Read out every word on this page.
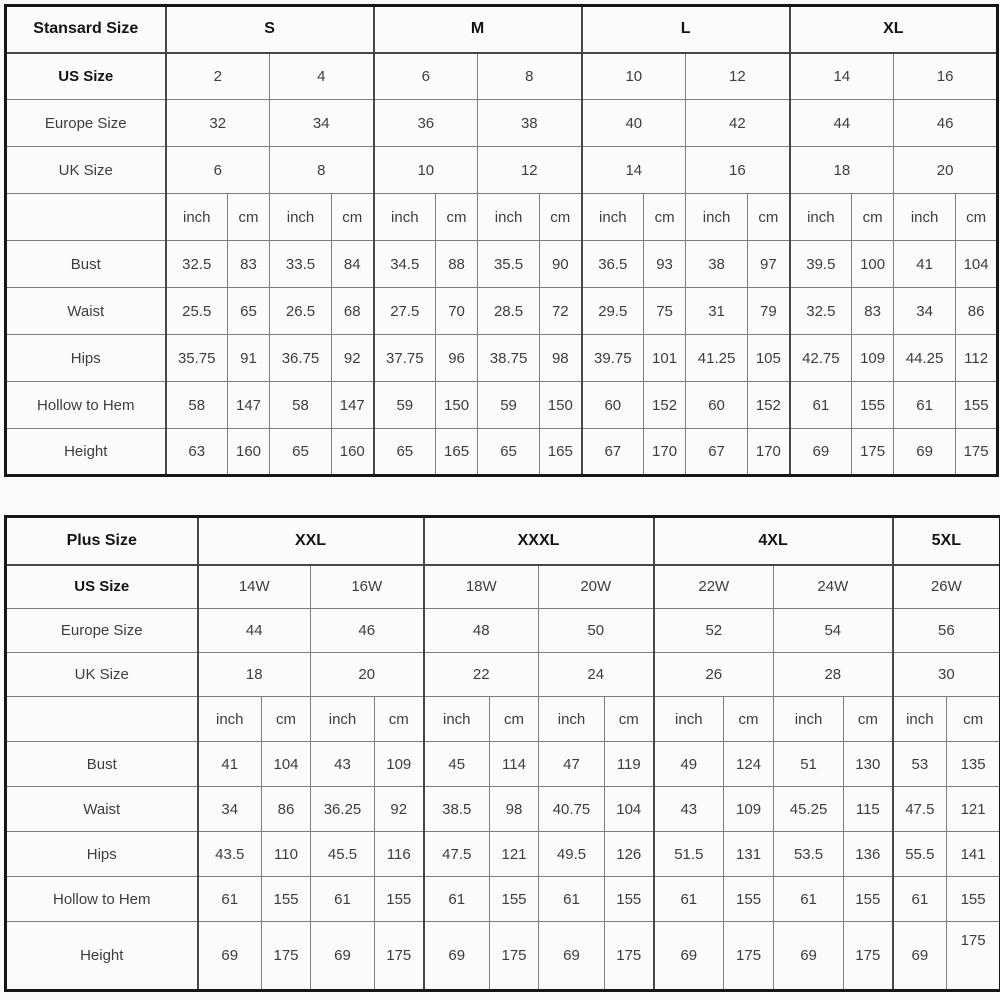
Stansard Size	S				M				L				XL			
US Size	2		4		6		8		10		12		14		16	
Europe Size	32		34		36		38		40		42		44		46	
UK Size	6		8		10		12		14		16		18		20	
	inch	cm	inch	cm	inch	cm	inch	cm	inch	cm	inch	cm	inch	cm	inch	cm
Bust	32.5	83	33.5	84	34.5	88	35.5	90	36.5	93	38	97	39.5	100	41	104
Waist	25.5	65	26.5	68	27.5	70	28.5	72	29.5	75	31	79	32.5	83	34	86
Hips	35.75	91	36.75	92	37.75	96	38.75	98	39.75	101	41.25	105	42.75	109	44.25	112
Hollow to Hem	58	147	58	147	59	150	59	150	60	152	60	152	61	155	61	155
Height	63	160	65	160	65	165	65	165	67	170	67	170	69	175	69	175
Plus Size	XXL				XXXL				4XL				5XL	
US Size	14W		16W		18W		20W		22W		24W		26W	
Europe Size	44		46		48		50		52		54		56	
UK Size	18		20		22		24		26		28		30	
	inch	cm	inch	cm	inch	cm	inch	cm	inch	cm	inch	cm	inch	cm
Bust	41	104	43	109	45	114	47	119	49	124	51	130	53	135
Waist	34	86	36.25	92	38.5	98	40.75	104	43	109	45.25	115	47.5	121
Hips	43.5	110	45.5	116	47.5	121	49.5	126	51.5	131	53.5	136	55.5	141
Hollow to Hem	61	155	61	155	61	155	61	155	61	155	61	155	61	155
Height	69	175	69	175	69	175	69	175	69	175	69	175	69	175
